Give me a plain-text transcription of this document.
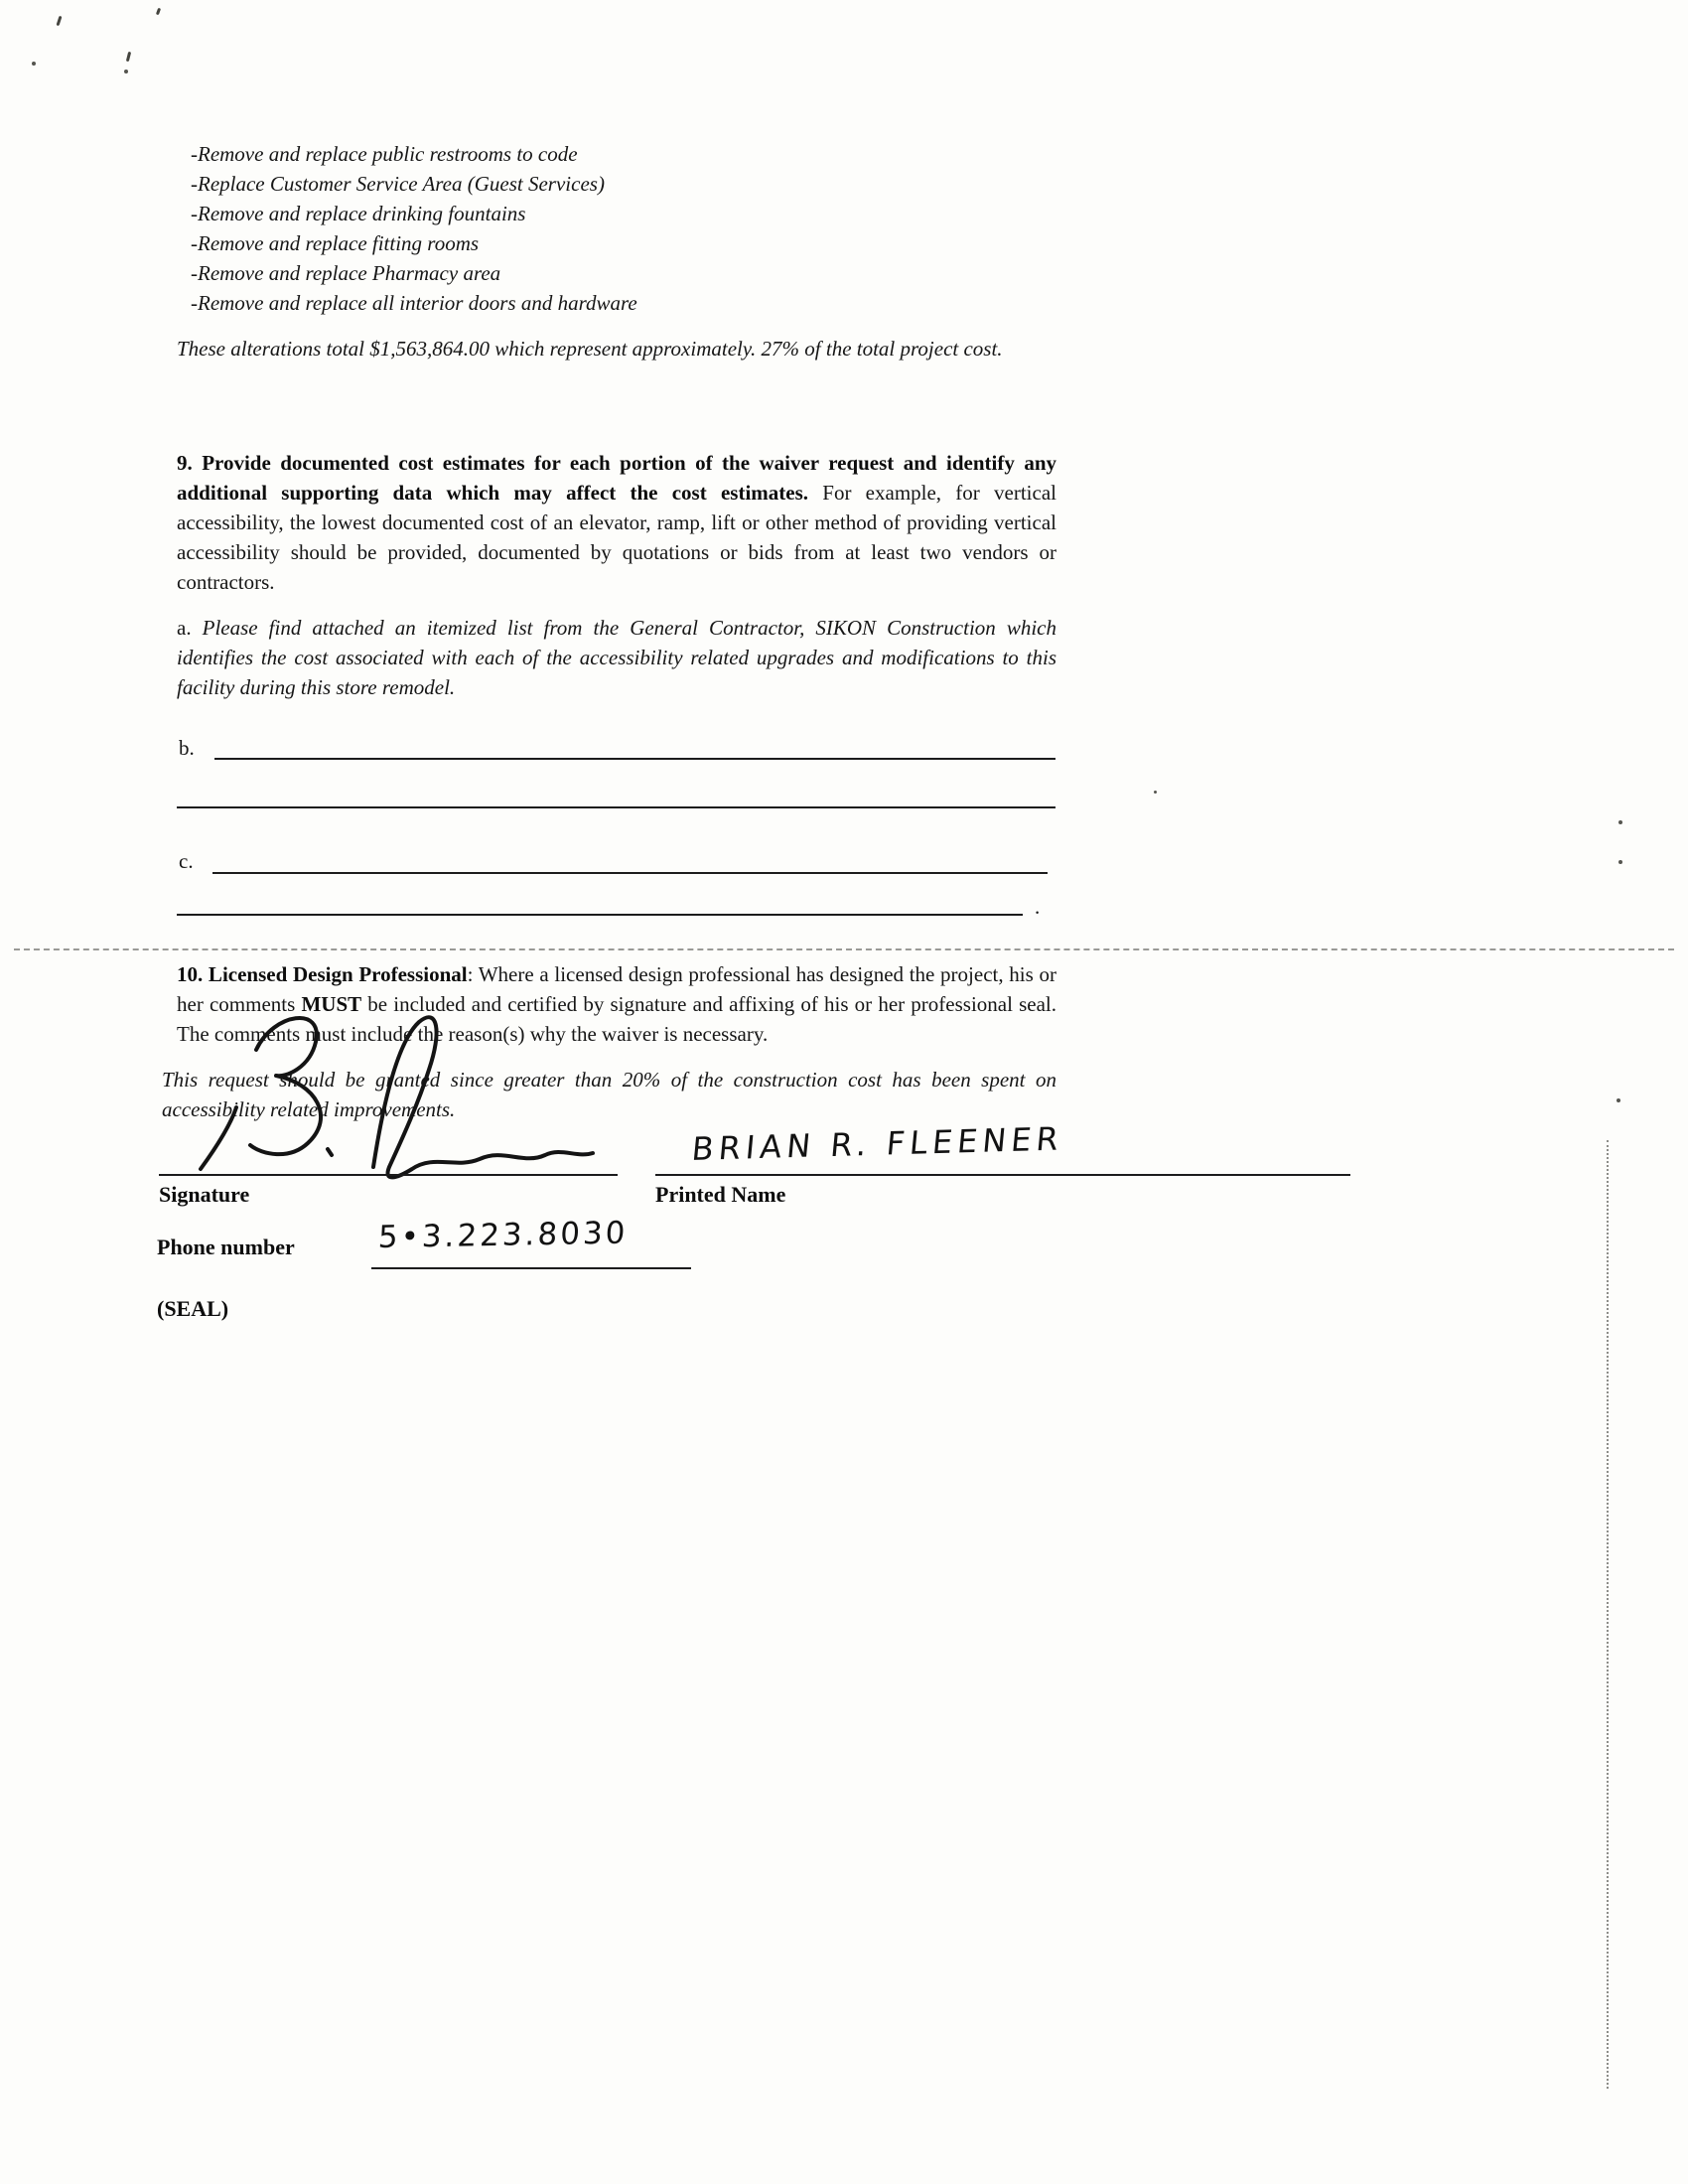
-Remove and replace public restrooms to code
-Replace Customer Service Area (Guest Services)
-Remove and replace drinking fountains
-Remove and replace fitting rooms
-Remove and replace Pharmacy area
-Remove and replace all interior doors and hardware
These alterations total $1,563,864.00 which represent approximately. 27% of the total project cost.
9. Provide documented cost estimates for each portion of the waiver request and identify any additional supporting data which may affect the cost estimates. For example, for vertical accessibility, the lowest documented cost of an elevator, ramp, lift or other method of providing vertical accessibility should be provided, documented by quotations or bids from at least two vendors or contractors.
a. Please find attached an itemized list from the General Contractor, SIKON Construction which identifies the cost associated with each of the accessibility related upgrades and modifications to this facility during this store remodel.
b.
c.
.
10. Licensed Design Professional: Where a licensed design professional has designed the project, his or her comments MUST be included and certified by signature and affixing of his or her professional seal. The comments must include the reason(s) why the waiver is necessary.
This request should be granted since greater than 20% of the construction cost has been spent on accessibility related improvements.
Signature
BRIAN R. FLEENER
Printed Name
Phone number	5•3.223.8030
(SEAL)
